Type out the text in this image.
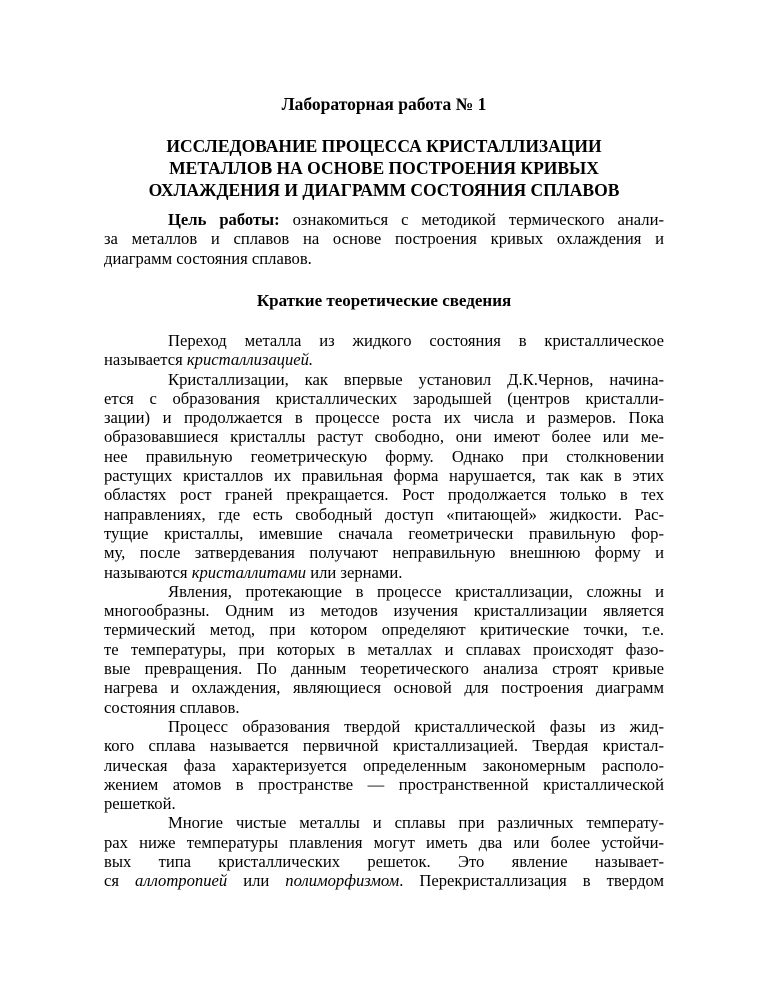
Лабораторная работа № 1
ИССЛЕДОВАНИЕ ПРОЦЕССА КРИСТАЛЛИЗАЦИИ
МЕТАЛЛОВ НА ОСНОВЕ ПОСТРОЕНИЯ КРИВЫХ
ОХЛАЖДЕНИЯ И ДИАГРАММ СОСТОЯНИЯ СПЛАВОВ
Цель работы: ознакомиться с методикой термического анали-
за металлов и сплавов на основе построения кривых охлаждения и
диаграмм состояния сплавов.
Краткие теоретические сведения
Переход металла из жидкого состояния в кристаллическое
называется кристаллизацией.
Кристаллизации, как впервые установил Д.К.Чернов, начина-
ется с образования кристаллических зародышей (центров кристалли-
зации) и продолжается в процессе роста их числа и размеров. Пока
образовавшиеся кристаллы растут свободно, они имеют более или ме-
нее правильную геометрическую форму. Однако при столкновении
растущих кристаллов их правильная форма нарушается, так как в этих
областях рост граней прекращается. Рост продолжается только в тех
направлениях, где есть свободный доступ «питающей» жидкости. Рас-
тущие кристаллы, имевшие сначала геометрически правильную фор-
му, после затвердевания получают неправильную внешнюю форму и
называются кристаллитами или зернами.
Явления, протекающие в процессе кристаллизации, сложны и
многообразны. Одним из методов изучения кристаллизации является
термический метод, при котором определяют критические точки, т.е.
те температуры, при которых в металлах и сплавах происходят фазо-
вые превращения. По данным теоретического анализа строят кривые
нагрева и охлаждения, являющиеся основой для построения диаграмм
состояния сплавов.
Процесс образования твердой кристаллической фазы из жид-
кого сплава называется первичной кристаллизацией. Твердая кристал-
лическая фаза характеризуется определенным закономерным располо-
жением атомов в пространстве — пространственной кристаллической
решеткой.
Многие чистые металлы и сплавы при различных температу-
рах ниже температуры плавления могут иметь два или более устойчи-
вых типа кристаллических решеток. Это явление называет-
ся аллотропией или полиморфизмом. Перекристаллизация в твердом
